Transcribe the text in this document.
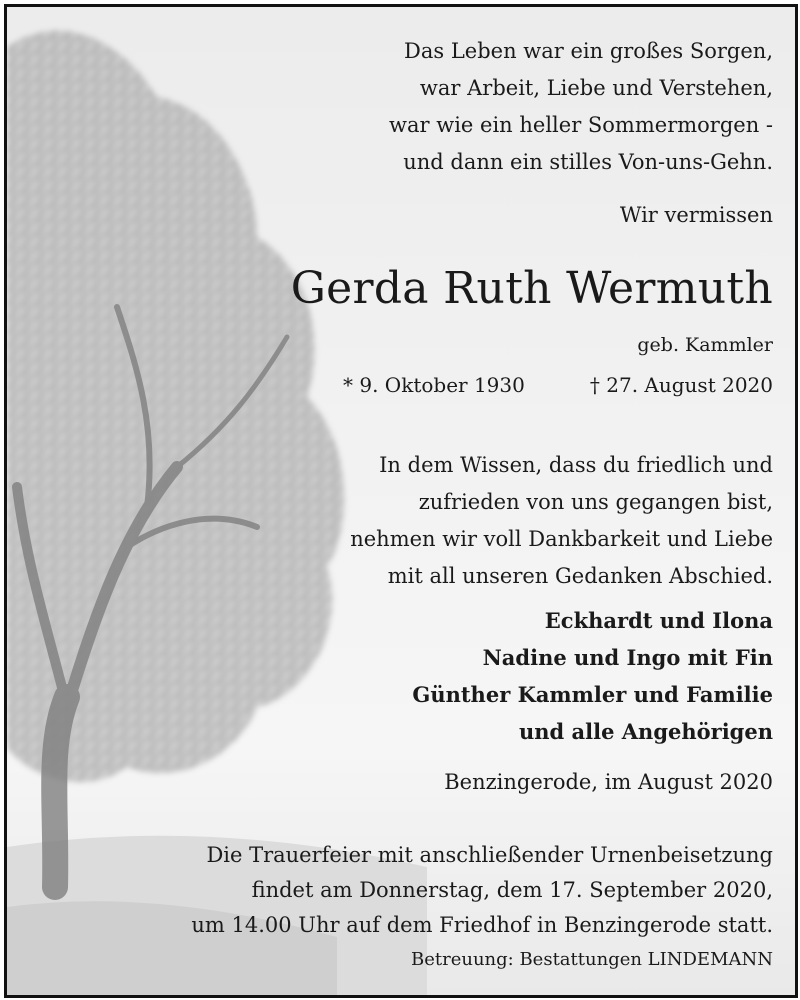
Das Leben war ein großes Sorgen,
war Arbeit, Liebe und Verstehen,
war wie ein heller Sommermorgen -
und dann ein stilles Von-uns-Gehn.
Wir vermissen
Gerda Ruth Wermuth
geb. Kammler
* 9. Oktober 1930	† 27. August 2020
In dem Wissen, dass du friedlich und
zufrieden von uns gegangen bist,
nehmen wir voll Dankbarkeit und Liebe
mit all unseren Gedanken Abschied.
Eckhardt und Ilona
Nadine und Ingo mit Fin
Günther Kammler und Familie
und alle Angehörigen
Benzingerode, im August 2020
Die Trauerfeier mit anschließender Urnenbeisetzung
findet am Donnerstag, dem 17. September 2020,
um 14.00 Uhr auf dem Friedhof in Benzingerode statt.
Betreuung: Bestattungen LINDEMANN
